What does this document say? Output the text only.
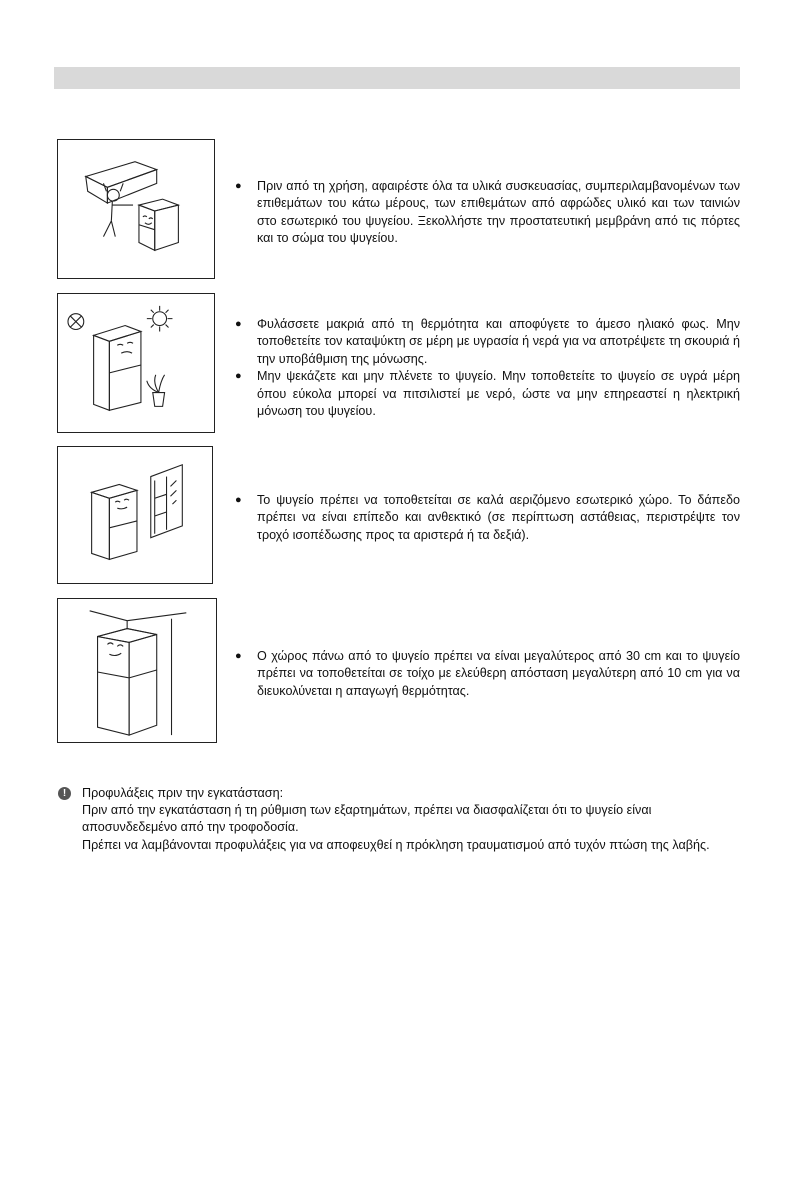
●	Πριν από τη χρήση, αφαιρέστε όλα τα υλικά συσκευασίας, συμπεριλαμβανομένων των επιθεμάτων του κάτω μέρους, των επιθεμάτων από αφρώδες υλικό και των ταινιών στο εσωτερικό του ψυγείου. Ξεκολλήστε την προστατευτική μεμβράνη από τις πόρτες και το σώμα του ψυγείου.
●	Φυλάσσετε μακριά από τη θερμότητα και αποφύγετε το άμεσο ηλιακό φως. Μην τοποθετείτε τον καταψύκτη σε μέρη με υγρασία ή νερά για να αποτρέψετε τη σκουριά ή την υποβάθμιση της μόνωσης.
●	Μην ψεκάζετε και μην πλένετε το ψυγείο. Μην τοποθετείτε το ψυγείο σε υγρά μέρη όπου εύκολα μπορεί να πιτσιλιστεί με νερό, ώστε να μην επηρεαστεί η ηλεκτρική μόνωση του ψυγείου.
●	Το ψυγείο πρέπει να τοποθετείται σε καλά αεριζόμενο εσωτερικό χώρο. Το δάπεδο πρέπει να είναι επίπεδο και ανθεκτικό (σε περίπτωση αστάθειας, περιστρέψτε τον τροχό ισοπέδωσης προς τα αριστερά ή τα δεξιά).
●	Ο χώρος πάνω από το ψυγείο πρέπει να είναι μεγαλύτερος από 30 cm και το ψυγείο πρέπει να τοποθετείται σε τοίχο με ελεύθερη απόσταση μεγαλύτερη από 10 cm για να διευκολύνεται η απαγωγή θερμότητας.
!	Προφυλάξεις πριν την εγκατάσταση:
Πριν από την εγκατάσταση ή τη ρύθμιση των εξαρτημάτων, πρέπει να διασφαλίζεται ότι το ψυγείο είναι αποσυνδεδεμένο από την τροφοδοσία.
Πρέπει να λαμβάνονται προφυλάξεις για να αποφευχθεί η πρόκληση τραυματισμού από τυχόν πτώση της λαβής.
